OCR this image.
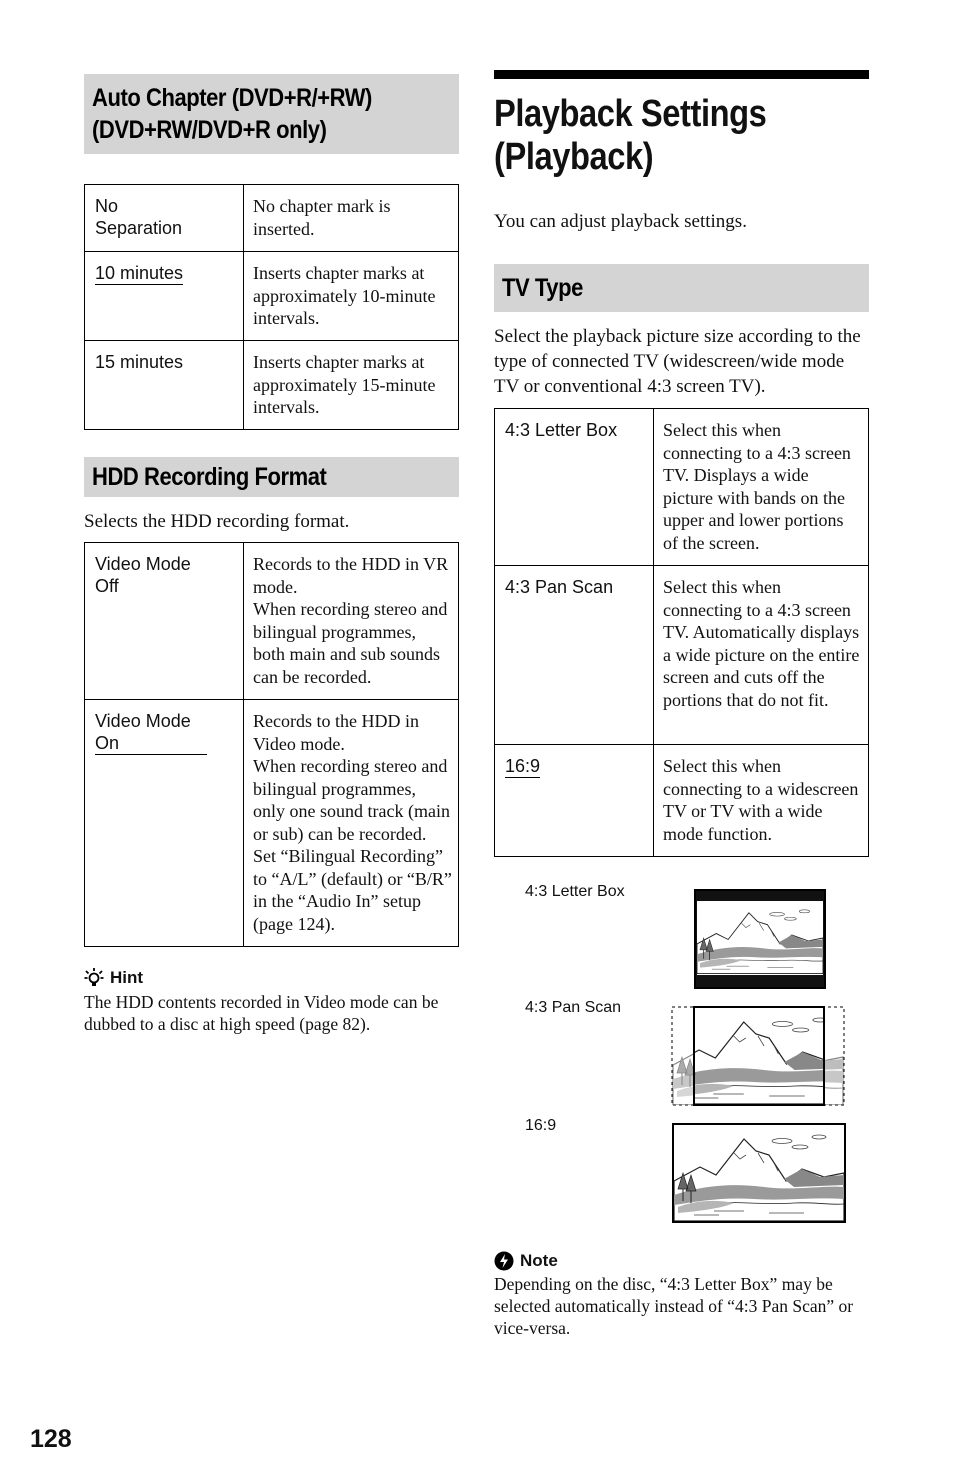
Auto Chapter (DVD+R/+RW)
(DVD+RW/DVD+R only)
No
Separation	No chapter mark is inserted.
10 minutes	Inserts chapter marks at approximately 10-minute intervals.
15 minutes	Inserts chapter marks at approximately 15-minute intervals.
HDD Recording Format
Selects the HDD recording format.
Video Mode
Off	Records to the HDD in VR mode.
When recording stereo and bilingual programmes, both main and sub sounds can be recorded.
Video Mode
On	Records to the HDD in Video mode.
When recording stereo and bilingual programmes, only one sound track (main or sub) can be recorded. Set “Bilingual Recording” to “A/L” (default) or “B/R” in the “Audio In” setup (page 124).
Hint
The HDD contents recorded in Video mode can be dubbed to a disc at high speed (page 82).
Playback Settings
(Playback)
You can adjust playback settings.
TV Type
Select the playback picture size according to the type of connected TV (widescreen/wide mode TV or conventional 4:3 screen TV).
4:3 Letter Box	Select this when connecting to a 4:3 screen TV. Displays a wide picture with bands on the upper and lower portions of the screen.
4:3 Pan Scan	Select this when connecting to a 4:3 screen TV. Automatically displays a wide picture on the entire screen and cuts off the portions that do not fit.
16:9	Select this when connecting to a widescreen TV or TV with a wide mode function.
4:3 Letter Box
4:3 Pan Scan
16:9
Note
Depending on the disc, “4:3 Letter Box” may be selected automatically instead of “4:3 Pan Scan” or vice-versa.
128
